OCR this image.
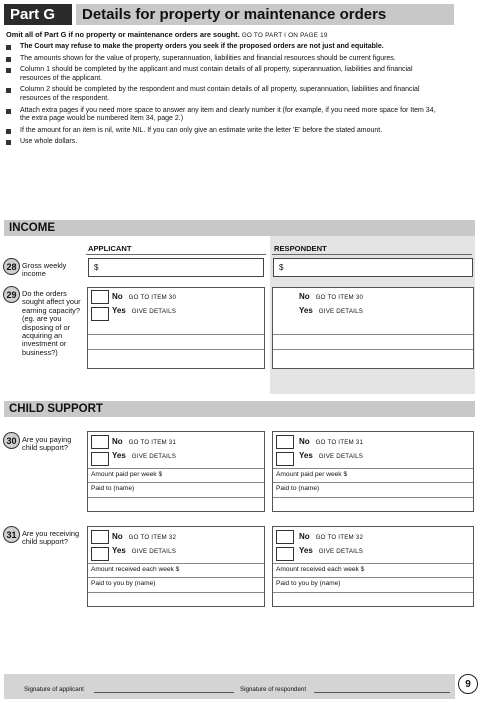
Part G	Details for property or maintenance orders
Omit all of Part G if no property or maintenance orders are sought. GO TO PART I ON PAGE 19
The Court may refuse to make the property orders you seek if the proposed orders are not just and equitable.
The amounts shown for the value of property, superannuation, liabilities and financial resources should be current figures.
Column 1 should be completed by the applicant and must contain details of all property, superannuation, liabilities and financial resources of the applicant.
Column 2 should be completed by the respondent and must contain details of all property, superannuation, liabilities and financial resources of the respondent.
Attach extra pages if you need more space to answer any item and clearly number it (for example, if you need more space for Item 34, the extra page would be numbered Item 34, page 2.)
If the amount for an item is nil, write NIL. If you can only give an estimate write the letter 'E' before the stated amount.
Use whole dollars.
INCOME
APPLICANT	RESPONDENT
28 Gross weekly income
$	$
29 Do the orders sought affect your earning capacity? (eg. are you disposing of or acquiring an investment or business?)
No GO TO ITEM 30
Yes GIVE DETAILS
No GO TO ITEM 30
Yes GIVE DETAILS
CHILD SUPPORT
30 Are you paying child support?
No GO TO ITEM 31
Yes GIVE DETAILS
Amount paid per week $
Paid to (name)
No GO TO ITEM 31
Yes GIVE DETAILS
Amount paid per week $
Paid to (name)
31 Are you receiving child support?
No GO TO ITEM 32
Yes GIVE DETAILS
Amount received each week $
Paid to you by (name)
No GO TO ITEM 32
Yes GIVE DETAILS
Amount received each week $
Paid to you by (name)
Signature of applicant	Signature of respondent	9
